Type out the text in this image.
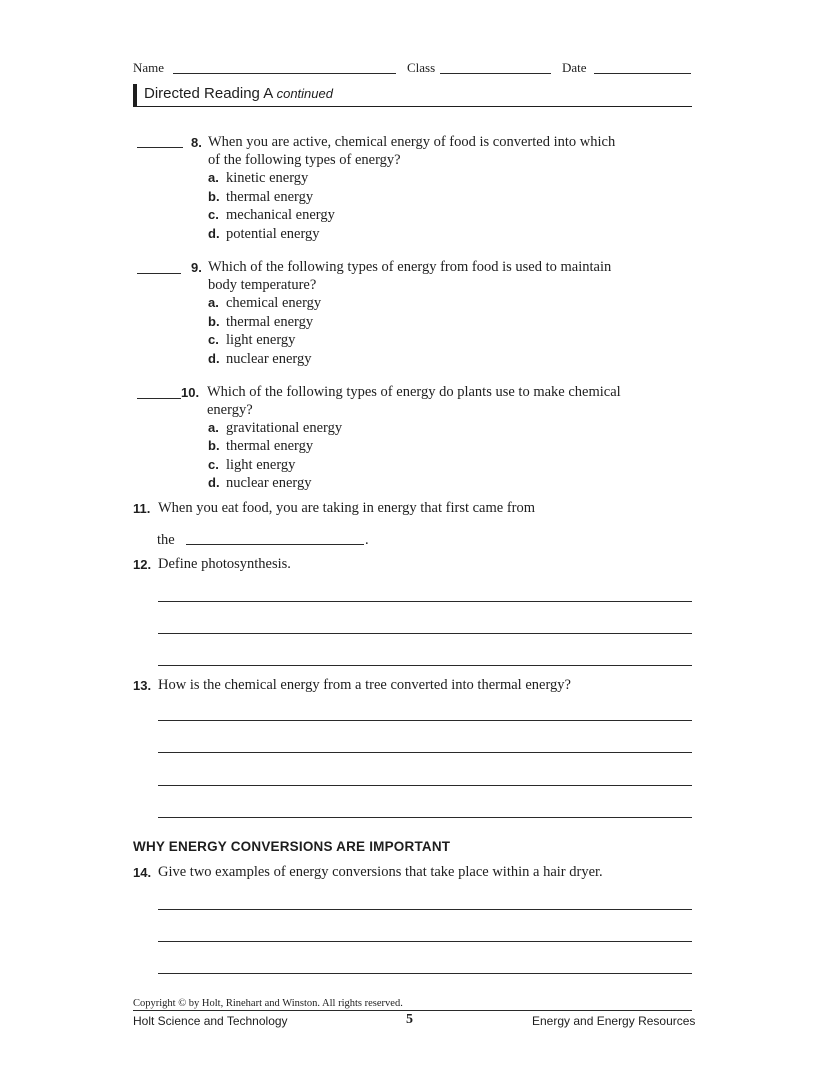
Name	Class	Date
Directed Reading A continued
8. When you are active, chemical energy of food is converted into which
of the following types of energy?
a. kinetic energy
b. thermal energy
c. mechanical energy
d. potential energy
9. Which of the following types of energy from food is used to maintain
body temperature?
a. chemical energy
b. thermal energy
c. light energy
d. nuclear energy
10. Which of the following types of energy do plants use to make chemical
energy?
a. gravitational energy
b. thermal energy
c. light energy
d. nuclear energy
11. When you eat food, you are taking in energy that first came from
the	.
12. Define photosynthesis.
13. How is the chemical energy from a tree converted into thermal energy?
WHY ENERGY CONVERSIONS ARE IMPORTANT
14. Give two examples of energy conversions that take place within a hair dryer.
Copyright © by Holt, Rinehart and Winston. All rights reserved.
Holt Science and Technology	5	Energy and Energy Resources
